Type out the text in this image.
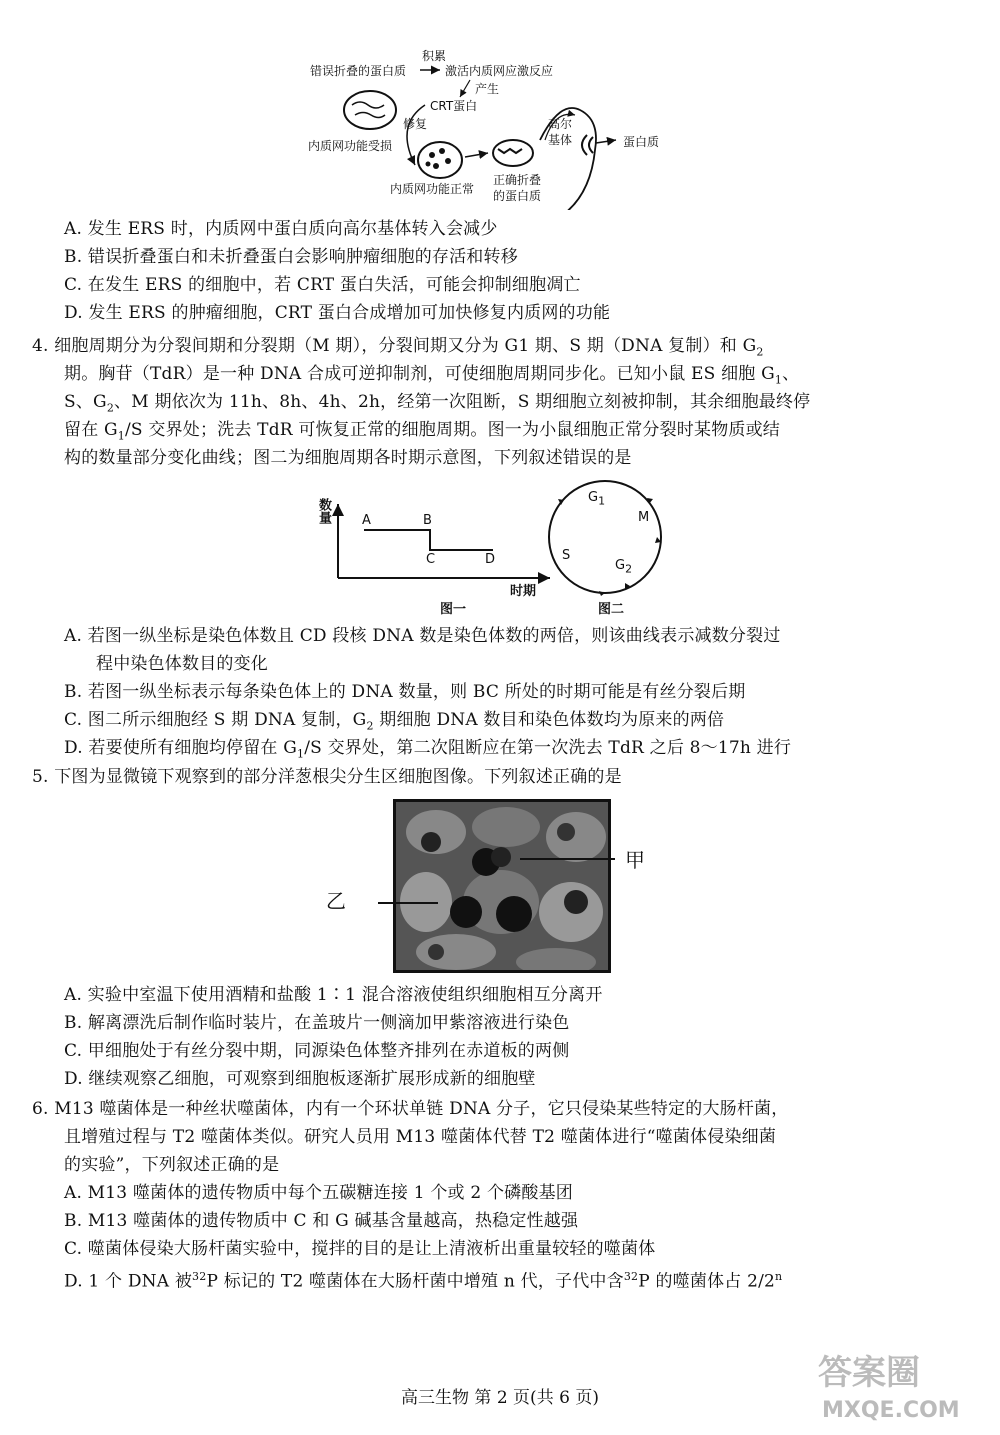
错误折叠的蛋白质
积累
激活内质网应激反应
产生
CRT蛋白
修复	高尔
基体	蛋白质
内质网功能受损
内质网功能正常
正确折叠
的蛋白质
A. 发生 ERS 时，内质网中蛋白质向高尔基体转入会减少
B. 错误折叠蛋白和未折叠蛋白会影响肿瘤细胞的存活和转移
C. 在发生 ERS 的细胞中，若 CRT 蛋白失活，可能会抑制细胞凋亡
D. 发生 ERS 的肿瘤细胞，CRT 蛋白合成增加可加快修复内质网的功能
4. 细胞周期分为分裂间期和分裂期（M 期），分裂间期又分为 G1 期、S 期（DNA 复制）和 $G_2$
期。胸苷（TdR）是一种 DNA 合成可逆抑制剂，可使细胞周期同步化。已知小鼠 ES 细胞 $G_1$、
S、$G_2$、M 期依次为 11h、8h、4h、2h，经第一次阻断，S 期细胞立刻被抑制，其余细胞最终停
留在 $G_1/S$ 交界处；洗去 TdR 可恢复正常的细胞周期。图一为小鼠细胞正常分裂时某物质或结
构的数量部分变化曲线；图二为细胞周期各时期示意图，下列叙述错误的是
数量 A	B
C	D
时期
图一
$G_1$
M
S
$G_2$
图二
A. 若图一纵坐标是染色体数且 CD 段核 DNA 数是染色体数的两倍，则该曲线表示减数分裂过
程中染色体数目的变化
B. 若图一纵坐标表示每条染色体上的 DNA 数量，则 BC 所处的时期可能是有丝分裂后期
C. 图二所示细胞经 S 期 DNA 复制，$G_2$ 期细胞 DNA 数目和染色体数均为原来的两倍
D. 若要使所有细胞均停留在 $G_1/S$ 交界处，第二次阻断应在第一次洗去 TdR 之后 8～17h 进行
5. 下图为显微镜下观察到的部分洋葱根尖分生区细胞图像。下列叙述正确的是
甲
乙
A. 实验中室温下使用酒精和盐酸 1∶1 混合溶液使组织细胞相互分离开
B. 解离漂洗后制作临时装片，在盖玻片一侧滴加甲紫溶液进行染色
C. 甲细胞处于有丝分裂中期，同源染色体整齐排列在赤道板的两侧
D. 继续观察乙细胞，可观察到细胞板逐渐扩展形成新的细胞壁
6. M13 噬菌体是一种丝状噬菌体，内有一个环状单链 DNA 分子，它只侵染某些特定的大肠杆菌，
且增殖过程与 T2 噬菌体类似。研究人员用 M13 噬菌体代替 T2 噬菌体进行“噬菌体侵染细菌
的实验”，下列叙述正确的是
A. M13 噬菌体的遗传物质中每个五碳糖连接 1 个或 2 个磷酸基团
B. M13 噬菌体的遗传物质中 C 和 G 碱基含量越高，热稳定性越强
C. 噬菌体侵染大肠杆菌实验中，搅拌的目的是让上清液析出重量较轻的噬菌体
D. 1 个 DNA 被$^{32}$P 标记的 T2 噬菌体在大肠杆菌中增殖 n 代，子代中含$^{32}$P 的噬菌体占 2/2$^n$
高三生物 第 2 页(共 6 页)
答案圈
MXQE.COM
